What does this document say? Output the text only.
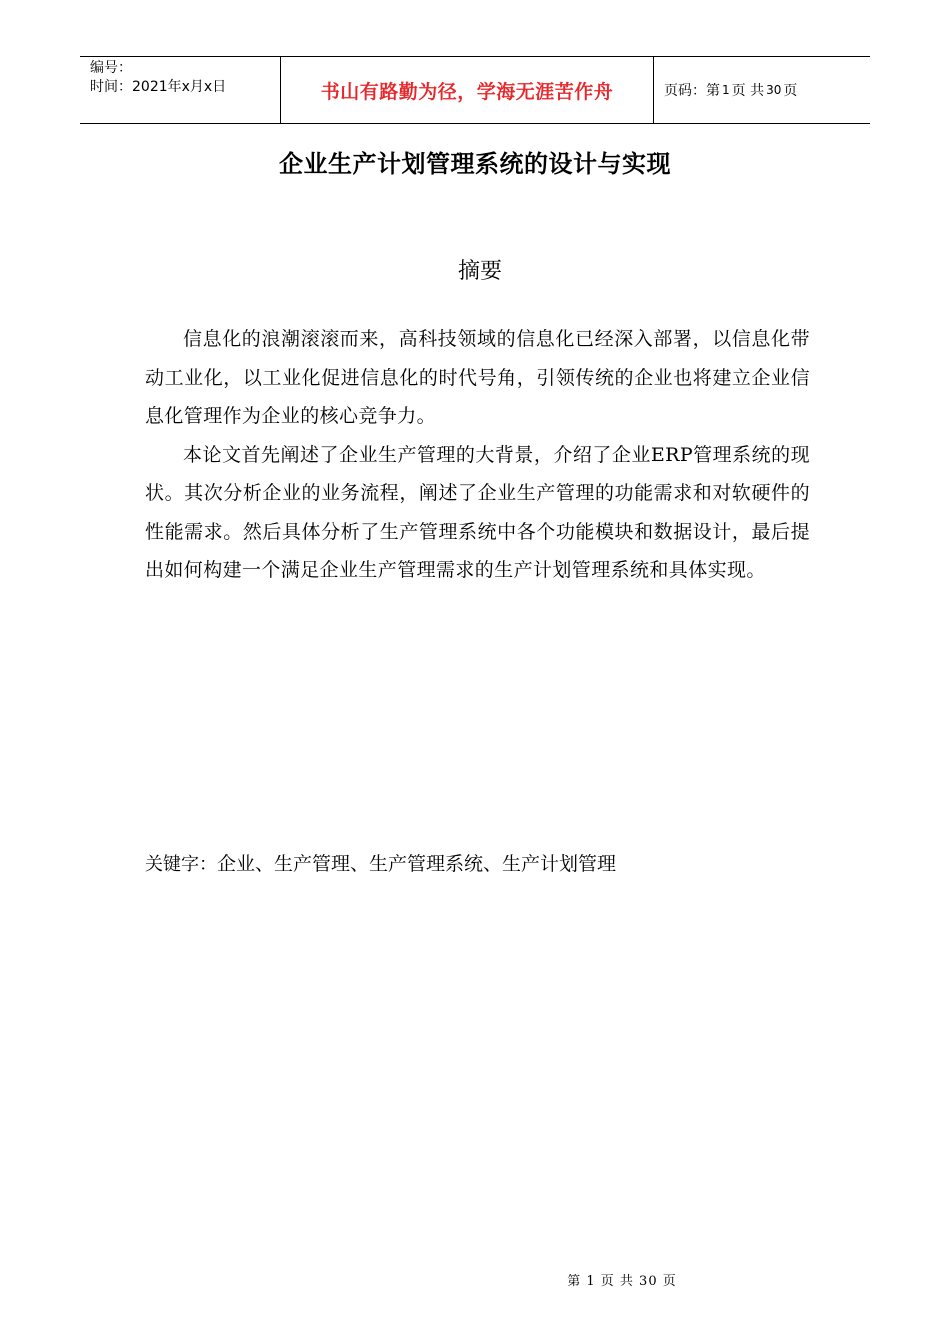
编号：
时间：2021年x月x日	书山有路勤为径，学海无涯苦作舟	页码：第 1 页 共 30 页
企业生产计划管理系统的设计与实现
摘要

信息化的浪潮滚滚而来，高科技领域的信息化已经深入部署，以信息化带动工业化，以工业化促进信息化的时代号角，引领传统的企业也将建立企业信息化管理作为企业的核心竞争力。

本论文首先阐述了企业生产管理的大背景，介绍了企业ERP管理系统的现状。其次分析企业的业务流程，阐述了企业生产管理的功能需求和对软硬件的性能需求。然后具体分析了生产管理系统中各个功能模块和数据设计，最后提出如何构建一个满足企业生产管理需求的生产计划管理系统和具体实现。

关键字：企业、生产管理、生产管理系统、生产计划管理
第 1 页 共 30 页
